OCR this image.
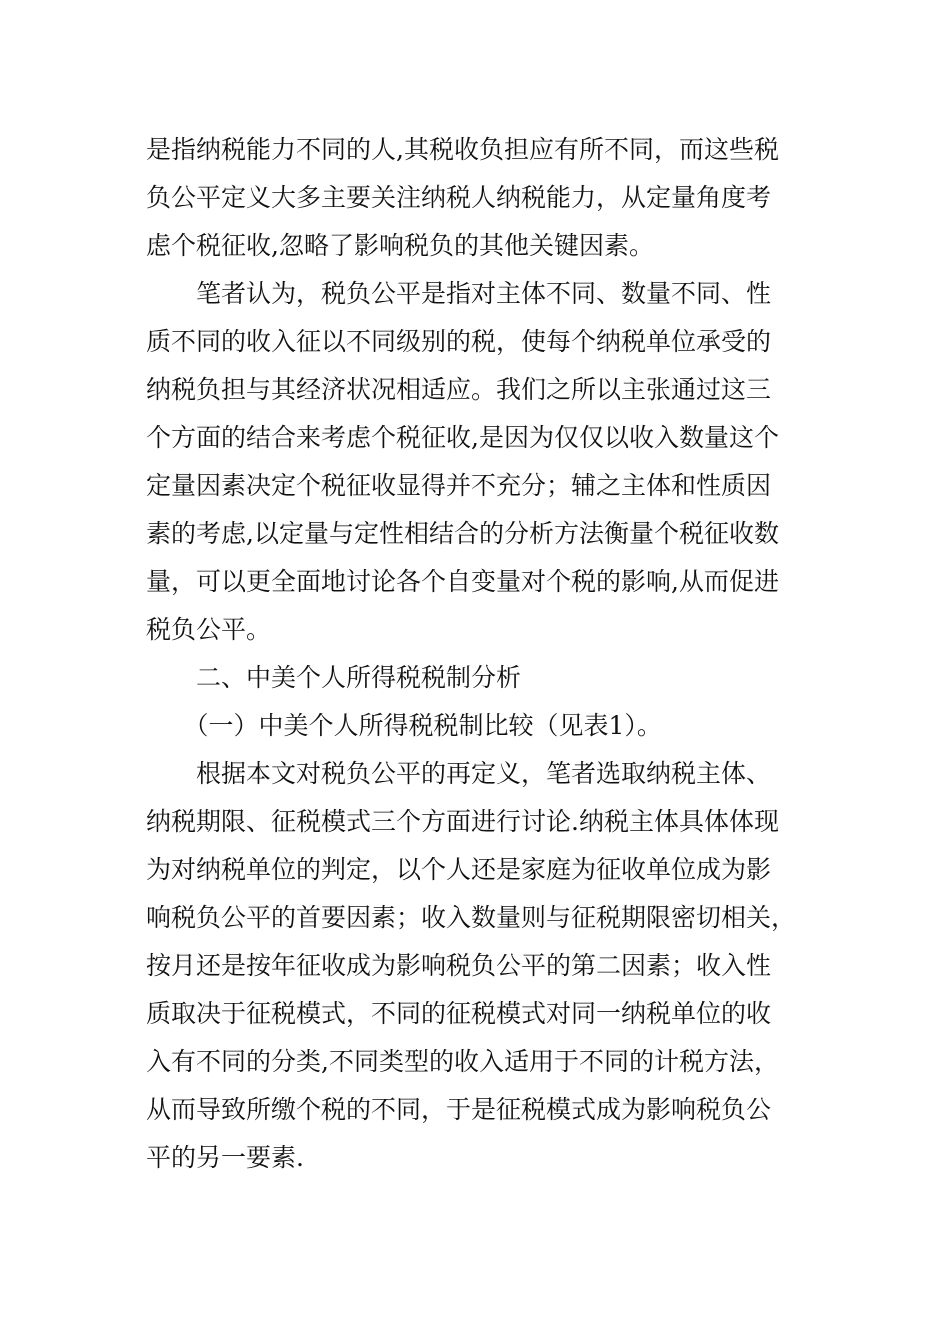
是指纳税能力不同的人,其税收负担应有所不同，而这些税
负公平定义大多主要关注纳税人纳税能力，从定量角度考
虑个税征收,忽略了影响税负的其他关键因素。
　　笔者认为，税负公平是指对主体不同、数量不同、性
质不同的收入征以不同级别的税，使每个纳税单位承受的
纳税负担与其经济状况相适应。我们之所以主张通过这三
个方面的结合来考虑个税征收,是因为仅仅以收入数量这个
定量因素决定个税征收显得并不充分；辅之主体和性质因
素的考虑,以定量与定性相结合的分析方法衡量个税征收数
量，可以更全面地讨论各个自变量对个税的影响,从而促进
税负公平。
　　二、中美个人所得税税制分析
　　（一）中美个人所得税税制比较（见表1）。
　　根据本文对税负公平的再定义，笔者选取纳税主体、
纳税期限、征税模式三个方面进行讨论.纳税主体具体体现
为对纳税单位的判定，以个人还是家庭为征收单位成为影
响税负公平的首要因素；收入数量则与征税期限密切相关，
按月还是按年征收成为影响税负公平的第二因素；收入性
质取决于征税模式，不同的征税模式对同一纳税单位的收
入有不同的分类,不同类型的收入适用于不同的计税方法，
从而导致所缴个税的不同，于是征税模式成为影响税负公
平的另一要素.
